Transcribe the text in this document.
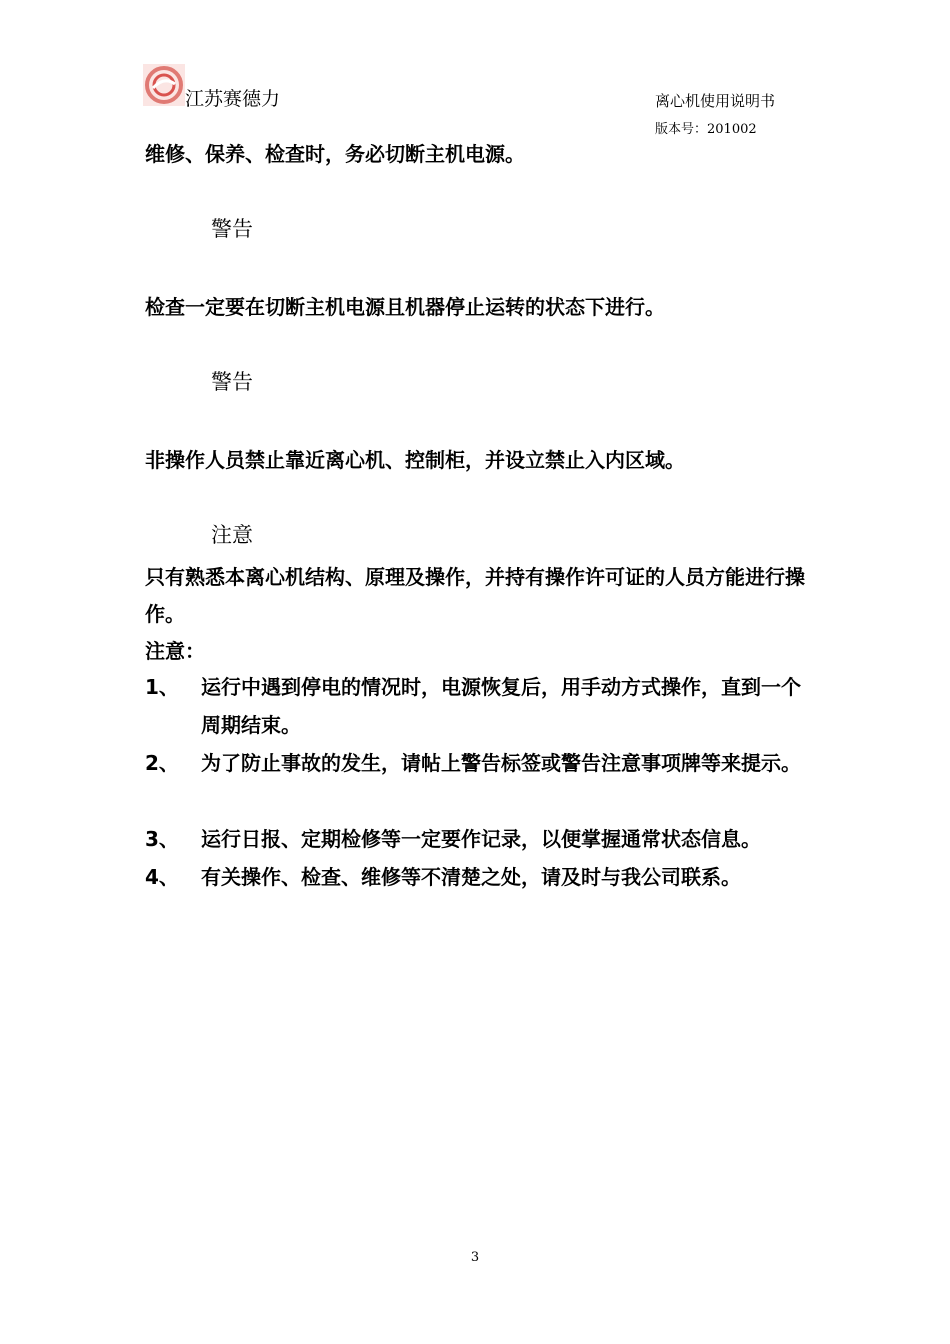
江苏赛德力	离心机使用说明书
版本号：201002
维修、保养、检查时，务必切断主机电源。
警告
检查一定要在切断主机电源且机器停止运转的状态下进行。
警告
非操作人员禁止靠近离心机、控制柜，并设立禁止入内区域。
注意
只有熟悉本离心机结构、原理及操作，并持有操作许可证的人员方能进行操作。
注意：
1、 运行中遇到停电的情况时，电源恢复后，用手动方式操作，直到一个周期结束。
2、 为了防止事故的发生，请帖上警告标签或警告注意事项牌等来提示。
3、 运行日报、定期检修等一定要作记录，以便掌握通常状态信息。
4、 有关操作、检查、维修等不清楚之处，请及时与我公司联系。
3
